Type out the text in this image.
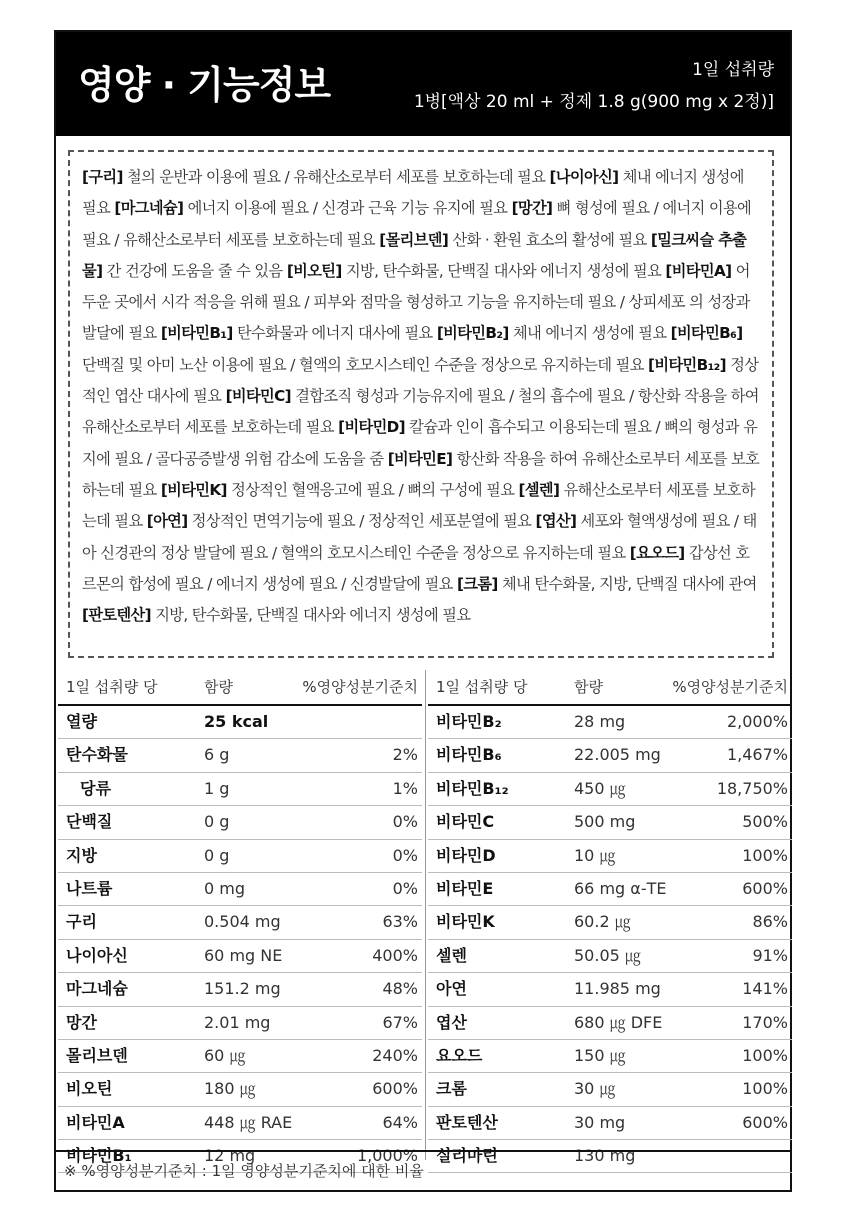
영양 · 기능정보	1일 섭취량
1병[액상 20 ml + 정제 1.8 g(900 mg x 2정)]
[구리] 철의 운반과 이용에 필요 / 유해산소로부터 세포를 보호하는데 필요 [나이아신] 체내 에너지 생성에 필요 [마그네슘] 에너지 이용에 필요 / 신경과 근육 기능 유지에 필요 [망간] 뼈 형성에 필요 / 에너지 이용에 필요 / 유해산소로부터 세포를 보호하는데 필요 [몰리브덴] 산화 · 환원 효소의 활성에 필요 [밀크씨슬 추출물] 간 건강에 도움을 줄 수 있음 [비오틴] 지방, 탄수화물, 단백질 대사와 에너지 생성에 필요 [비타민A] 어두운 곳에서 시각 적응을 위해 필요 / 피부와 점막을 형성하고 기능을 유지하는데 필요 / 상피세포 의 성장과 발달에 필요 [비타민B₁] 탄수화물과 에너지 대사에 필요 [비타민B₂] 체내 에너지 생성에 필요 [비타민B₆] 단백질 및 아미 노산 이용에 필요 / 혈액의 호모시스테인 수준을 정상으로 유지하는데 필요 [비타민B₁₂] 정상적인 엽산 대사에 필요 [비타민C] 결합조직 형성과 기능유지에 필요 / 철의 흡수에 필요 / 항산화 작용을 하여 유해산소로부터 세포를 보호하는데 필요 [비타민D] 칼슘과 인이 흡수되고 이용되는데 필요 / 뼈의 형성과 유지에 필요 / 골다공증발생 위험 감소에 도움을 줌 [비타민E] 항산화 작용을 하여 유해산소로부터 세포를 보호하는데 필요 [비타민K] 정상적인 혈액응고에 필요 / 뼈의 구성에 필요 [셀렌] 유해산소로부터 세포를 보호하는데 필요 [아연] 정상적인 면역기능에 필요 / 정상적인 세포분열에 필요 [엽산] 세포와 혈액생성에 필요 / 태아 신경관의 정상 발달에 필요 / 혈액의 호모시스테인 수준을 정상으로 유지하는데 필요 [요오드] 갑상선 호르몬의 합성에 필요 / 에너지 생성에 필요 / 신경발달에 필요 [크롬] 체내 탄수화물, 지방, 단백질 대사에 관여 [판토텐산] 지방, 탄수화물, 단백질 대사와 에너지 생성에 필요
1일 섭취량 당	함량	%영양성분기준치
열량	25 kcal
탄수화물	6 g	2%
당류	1 g	1%
단백질	0 g	0%
지방	0 g	0%
나트륨	0 mg	0%
구리	0.504 mg	63%
나이아신	60 mg NE	400%
마그네슘	151.2 mg	48%
망간	2.01 mg	67%
몰리브덴	60 ㎍	240%
비오틴	180 ㎍	600%
비타민A	448 ㎍ RAE	64%
비타민B₁	12 mg	1,000%
1일 섭취량 당	함량	%영양성분기준치
비타민B₂	28 mg	2,000%
비타민B₆	22.005 mg	1,467%
비타민B₁₂	450 ㎍	18,750%
비타민C	500 mg	500%
비타민D	10 ㎍	100%
비타민E	66 mg α-TE	600%
비타민K	60.2 ㎍	86%
셀렌	50.05 ㎍	91%
아연	11.985 mg	141%
엽산	680 ㎍ DFE	170%
요오드	150 ㎍	100%
크롬	30 ㎍	100%
판토텐산	30 mg	600%
실리마린	130 mg
※ %영양성분기준치 : 1일 영양성분기준치에 대한 비율
